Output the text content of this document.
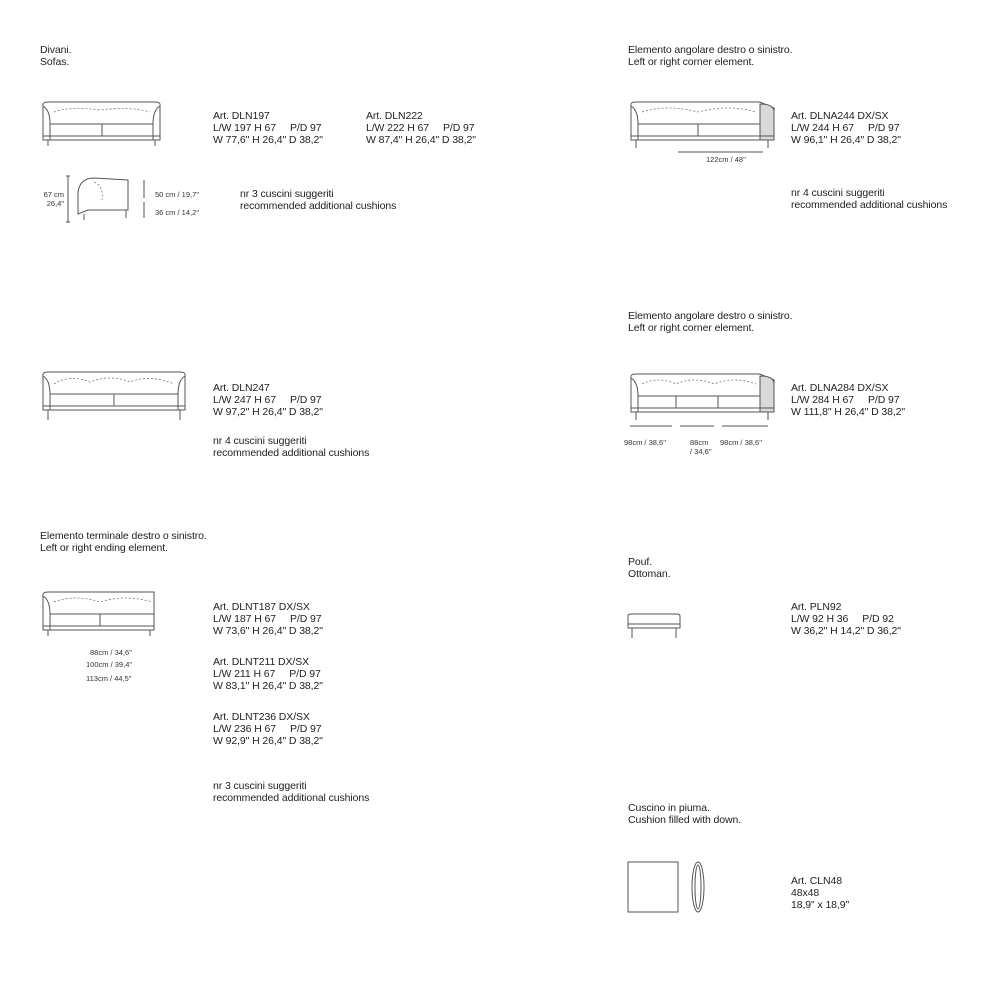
Divani.
Sofas.
Art. DLN197
L/W 197 H 67 P/D 97
W 77,6" H 26,4" D 38,2"
Art. DLN222
L/W 222 H 67 P/D 97
W 87,4" H 26,4" D 38,2"
67 cm
26,4"
50 cm / 19,7''
36 cm / 14,2''
nr 3 cuscini suggeriti
recommended additional cushions
Art. DLN247
L/W 247 H 67 P/D 97
W 97,2" H 26,4" D 38,2"
nr 4 cuscini suggeriti
recommended additional cushions
Elemento terminale destro o sinistro.
Left or right ending element.
88cm / 34,6"
100cm / 39,4"
113cm / 44,5"
Art. DLNT187 DX/SX
L/W 187 H 67 P/D 97
W 73,6" H 26,4" D 38,2"
Art. DLNT211 DX/SX
L/W 211 H 67 P/D 97
W 83,1" H 26,4" D 38,2"
Art. DLNT236 DX/SX
L/W 236 H 67 P/D 97
W 92,9" H 26,4" D 38,2"
nr 3 cuscini suggeriti
recommended additional cushions
Elemento angolare destro o sinistro.
Left or right corner element.
122cm / 48''
Art. DLNA244 DX/SX
L/W 244 H 67 P/D 97
W 96,1" H 26,4" D 38,2"
nr 4 cuscini suggeriti
recommended additional cushions
Elemento angolare destro o sinistro.
Left or right corner element.
98cm / 38,6''	88cm
/ 34,6''
98cm / 38,6''
Art. DLNA284 DX/SX
L/W 284 H 67 P/D 97
W 111,8" H 26,4" D 38,2"
Pouf.
Ottoman.
Art. PLN92
L/W 92 H 36 P/D 92
W 36,2" H 14,2" D 36,2"
Cuscino in piuma.
Cushion filled with down.
Art. CLN48
48x48
18,9" x 18,9"
